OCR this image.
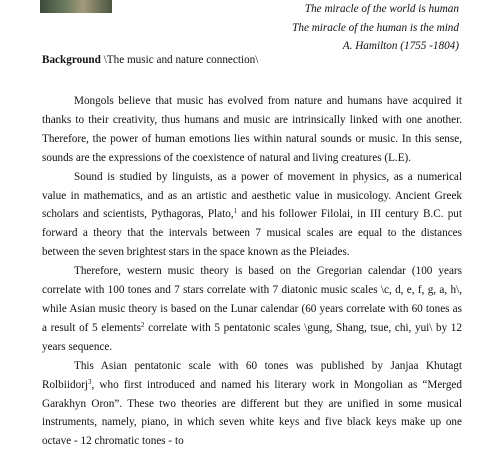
The miracle of the world is human
The miracle of the human is the mind
A. Hamilton (1755 -1804)
Background \The music and nature connection\

Mongols believe that music has evolved from nature and humans have acquired it thanks to their creativity, thus humans and music are intrinsically linked with one another. Therefore, the power of human emotions lies within natural sounds or music. In this sense, sounds are the expressions of the coexistence of natural and living creatures (L.E).

Sound is studied by linguists, as a power of movement in physics, as a numerical value in mathematics, and as an artistic and aesthetic value in musicology. Ancient Greek scholars and scientists, Pythagoras, Plato,$^1$ and his follower Filolai, in III century B.C. put forward a theory that the intervals between 7 musical scales are equal to the distances between the seven brightest stars in the space known as the Pleiades.

Therefore, western music theory is based on the Gregorian calendar (100 years correlate with 100 tones and 7 stars correlate with 7 diatonic music scales \c, d, e, f, g, a, h\, while Asian music theory is based on the Lunar calendar (60 years correlate with 60 tones as a result of 5 elements$^2$ correlate with 5 pentatonic scales \gung, Shang, tsue, chi, yui\ by 12 years sequence.

This Asian pentatonic scale with 60 tones was published by Janjaa Khutagt Rolbiidorj$^3$, who first introduced and named his literary work in Mongolian as “Merged Garakhyn Oron”. These two theories are different but they are unified in some musical instruments, namely, piano, in which seven white keys and five black keys make up one octave - 12 chromatic tones - to
